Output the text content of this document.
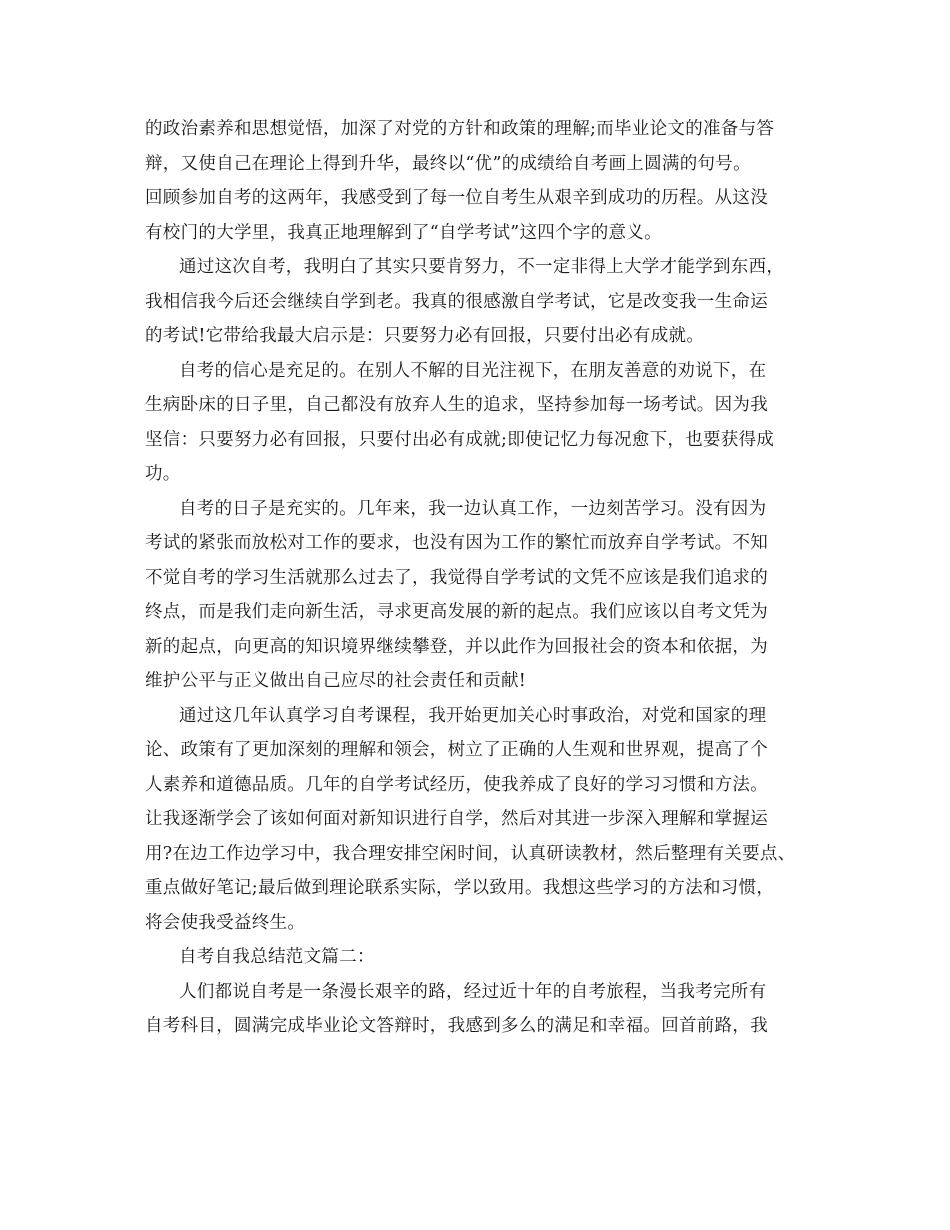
的政治素养和思想觉悟，加深了对党的方针和政策的理解;而毕业论文的准备与答
辩，又使自己在理论上得到升华，最终以“优”的成绩给自考画上圆满的句号。
回顾参加自考的这两年，我感受到了每一位自考生从艰辛到成功的历程。从这没
有校门的大学里，我真正地理解到了“自学考试”这四个字的意义。
通过这次自考，我明白了其实只要肯努力，不一定非得上大学才能学到东西，
我相信我今后还会继续自学到老。我真的很感激自学考试，它是改变我一生命运
的考试!它带给我最大启示是：只要努力必有回报，只要付出必有成就。
自考的信心是充足的。在别人不解的目光注视下，在朋友善意的劝说下，在
生病卧床的日子里，自己都没有放弃人生的追求，坚持参加每一场考试。因为我
坚信：只要努力必有回报，只要付出必有成就;即使记忆力每况愈下，也要获得成
功。
自考的日子是充实的。几年来，我一边认真工作，一边刻苦学习。没有因为
考试的紧张而放松对工作的要求，也没有因为工作的繁忙而放弃自学考试。不知
不觉自考的学习生活就那么过去了，我觉得自学考试的文凭不应该是我们追求的
终点，而是我们走向新生活，寻求更高发展的新的起点。我们应该以自考文凭为
新的起点，向更高的知识境界继续攀登，并以此作为回报社会的资本和依据，为
维护公平与正义做出自己应尽的社会责任和贡献!
通过这几年认真学习自考课程，我开始更加关心时事政治，对党和国家的理
论、政策有了更加深刻的理解和领会，树立了正确的人生观和世界观，提高了个
人素养和道德品质。几年的自学考试经历，使我养成了良好的学习习惯和方法。
让我逐渐学会了该如何面对新知识进行自学，然后对其进一步深入理解和掌握运
用?在边工作边学习中，我合理安排空闲时间，认真研读教材，然后整理有关要点、
重点做好笔记;最后做到理论联系实际，学以致用。我想这些学习的方法和习惯，
将会使我受益终生。
自考自我总结范文篇二：
人们都说自考是一条漫长艰辛的路，经过近十年的自考旅程，当我考完所有
自考科目，圆满完成毕业论文答辩时，我感到多么的满足和幸福。回首前路，我
